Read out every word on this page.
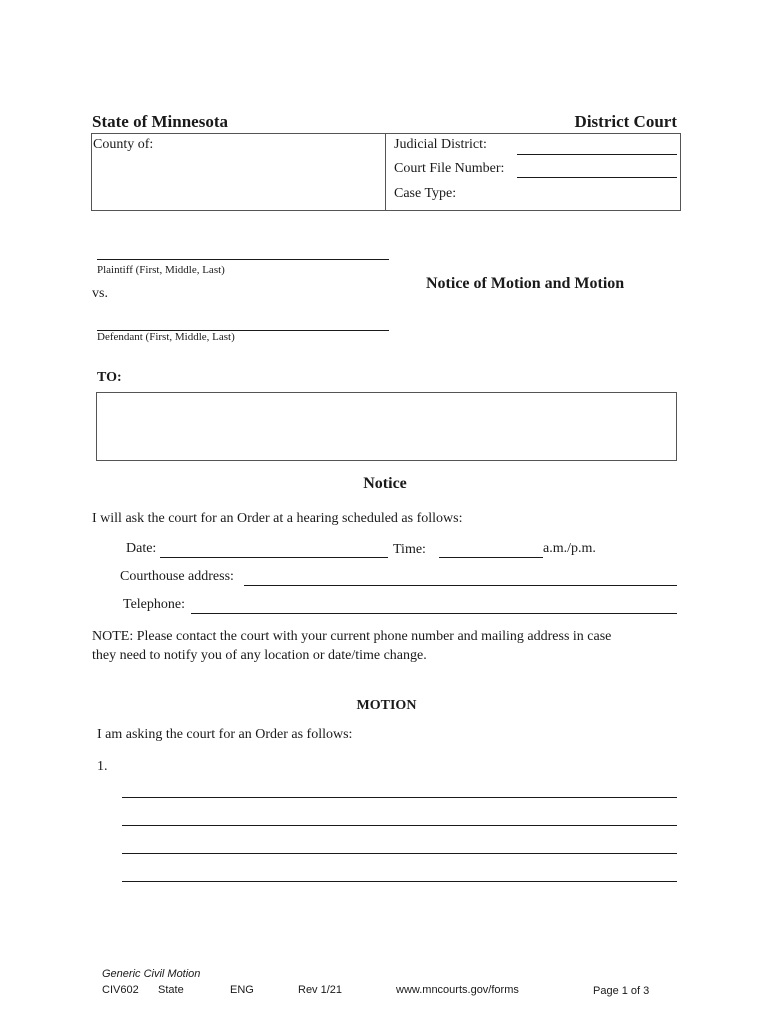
State of Minnesota	District Court
County of:	Judicial District:
Court File Number:
Case Type:
Plaintiff (First, Middle, Last)
vs.
Defendant (First, Middle, Last)
Notice of Motion and Motion
TO:
Notice
I will ask the court for an Order at a hearing scheduled as follows:
Date:	Time:	a.m./p.m.
Courthouse address:
Telephone:
NOTE: Please contact the court with your current phone number and mailing address in case
they need to notify you of any location or date/time change.
MOTION
I am asking the court for an Order as follows:
1.
Generic Civil Motion
CIV602 State	ENG	Rev 1/21	www.mncourts.gov/forms	Page 1 of 3
